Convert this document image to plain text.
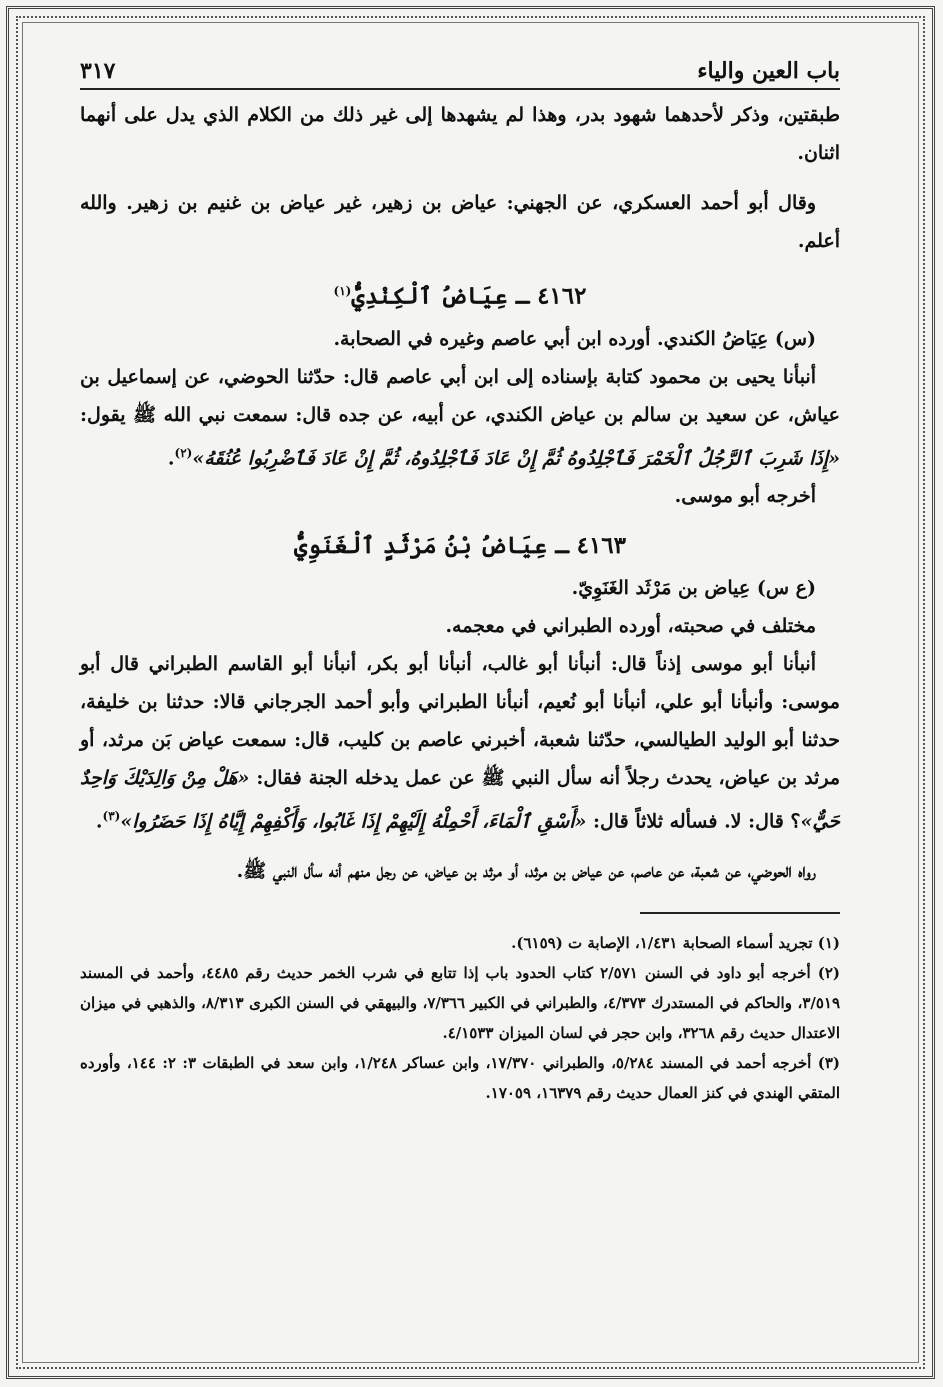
باب العين والياء
٣١٧

طبقتين، وذكر لأحدهما شهود بدر، وهذا لم يشهدها إلى غير ذلك من الكلام الذي يدل على أنهما اثنان.

وقال أبو أحمد العسكري، عن الجهني: عياض بن زهير، غير عياض بن غنيم بن زهير. والله أعلم.

٤١٦٢ ـ عِيَاضُ ٱلْكِنْدِيُّ$^{(١)}$

(س) عِيَاضُ الكندي. أورده ابن أبي عاصم وغيره في الصحابة.

أنبأنا يحيى بن محمود كتابة بإسناده إلى ابن أبي عاصم قال: حدّثنا الحوضي، عن إسماعيل بن عياش، عن سعيد بن سالم بن عياض الكندي، عن أبيه، عن جده قال: سمعت نبي الله ﷺ يقول: «إِذَا شَرِبَ ٱلرَّجُلُ ٱلْخَمْرَ فَٱجْلِدُوهُ ثُمَّ إِنْ عَادَ فَٱجْلِدُوهُ، ثُمَّ إِنْ عَادَ فَٱضْرِبُوا عُنُقَهُ»$^{(٢)}$.

أخرجه أبو موسى.

٤١٦٣ ـ عِيَاضُ بْنُ مَرْثَدٍ ٱلْغَنَوِيُّ

(ع س) عِياض بن مَرْثَد الغَنَوِيّ.

مختلف في صحبته، أورده الطبراني في معجمه.

أنبأنا أبو موسى إذناً قال: أنبأنا أبو غالب، أنبأنا أبو بكر، أنبأنا أبو القاسم الطبراني قال أبو موسى: وأنبأنا أبو علي، أنبأنا أبو نُعيم، أنبأنا الطبراني وأبو أحمد الجرجاني قالا: حدثنا بن خليفة، حدثنا أبو الوليد الطيالسي، حدّثنا شعبة، أخبرني عاصم بن كليب، قال: سمعت عياض بَن مرثد، أو مرثد بن عياض، يحدث رجلاً أنه سأل النبي ﷺ عن عمل يدخله الجنة فقال: «هَلْ مِنْ وَالِدَيْكَ وَاحِدٌ حَيٌّ»؟ قال: لا. فسأله ثلاثاً قال: «أَسْقِ ٱلْمَاءَ، أَحْمِلْهُ إِلَيْهِمْ إِذَا غَابُوا، وَأَكْفِهِمْ إِيَّاهُ إِذَا حَضَرُوا»$^{(٣)}$.

رواه الحوضي، عن شعبة، عن عاصم، عن عياض بن مرثد، أو مرثد بن عياض، عن رجل منهم أنه سأل النبي ﷺ.

(١) تجريد أسماء الصحابة ١/٤٣١، الإصابة ت (٦١٥٩).

(٢) أخرجه أبو داود في السنن ٢/٥٧١ كتاب الحدود باب إذا تتابع في شرب الخمر حديث رقم ٤٤٨٥، وأحمد في المسند ٣/٥١٩، والحاكم في المستدرك ٤/٣٧٣، والطبراني في الكبير ٧/٣٦٦، والبيهقي في السنن الكبرى ٨/٣١٣، والذهبي في ميزان الاعتدال حديث رقم ٣٢٦٨، وابن حجر في لسان الميزان ٤/١٥٣٣.

(٣) أخرجه أحمد في المسند ٥/٢٨٤، والطبراني ١٧/٣٧٠، وابن عساكر ١/٢٤٨، وابن سعد في الطبقات ٣: ٢: ١٤٤، وأورده المتقي الهندي في كنز العمال حديث رقم ١٦٣٧٩، ١٧٠٥٩.
